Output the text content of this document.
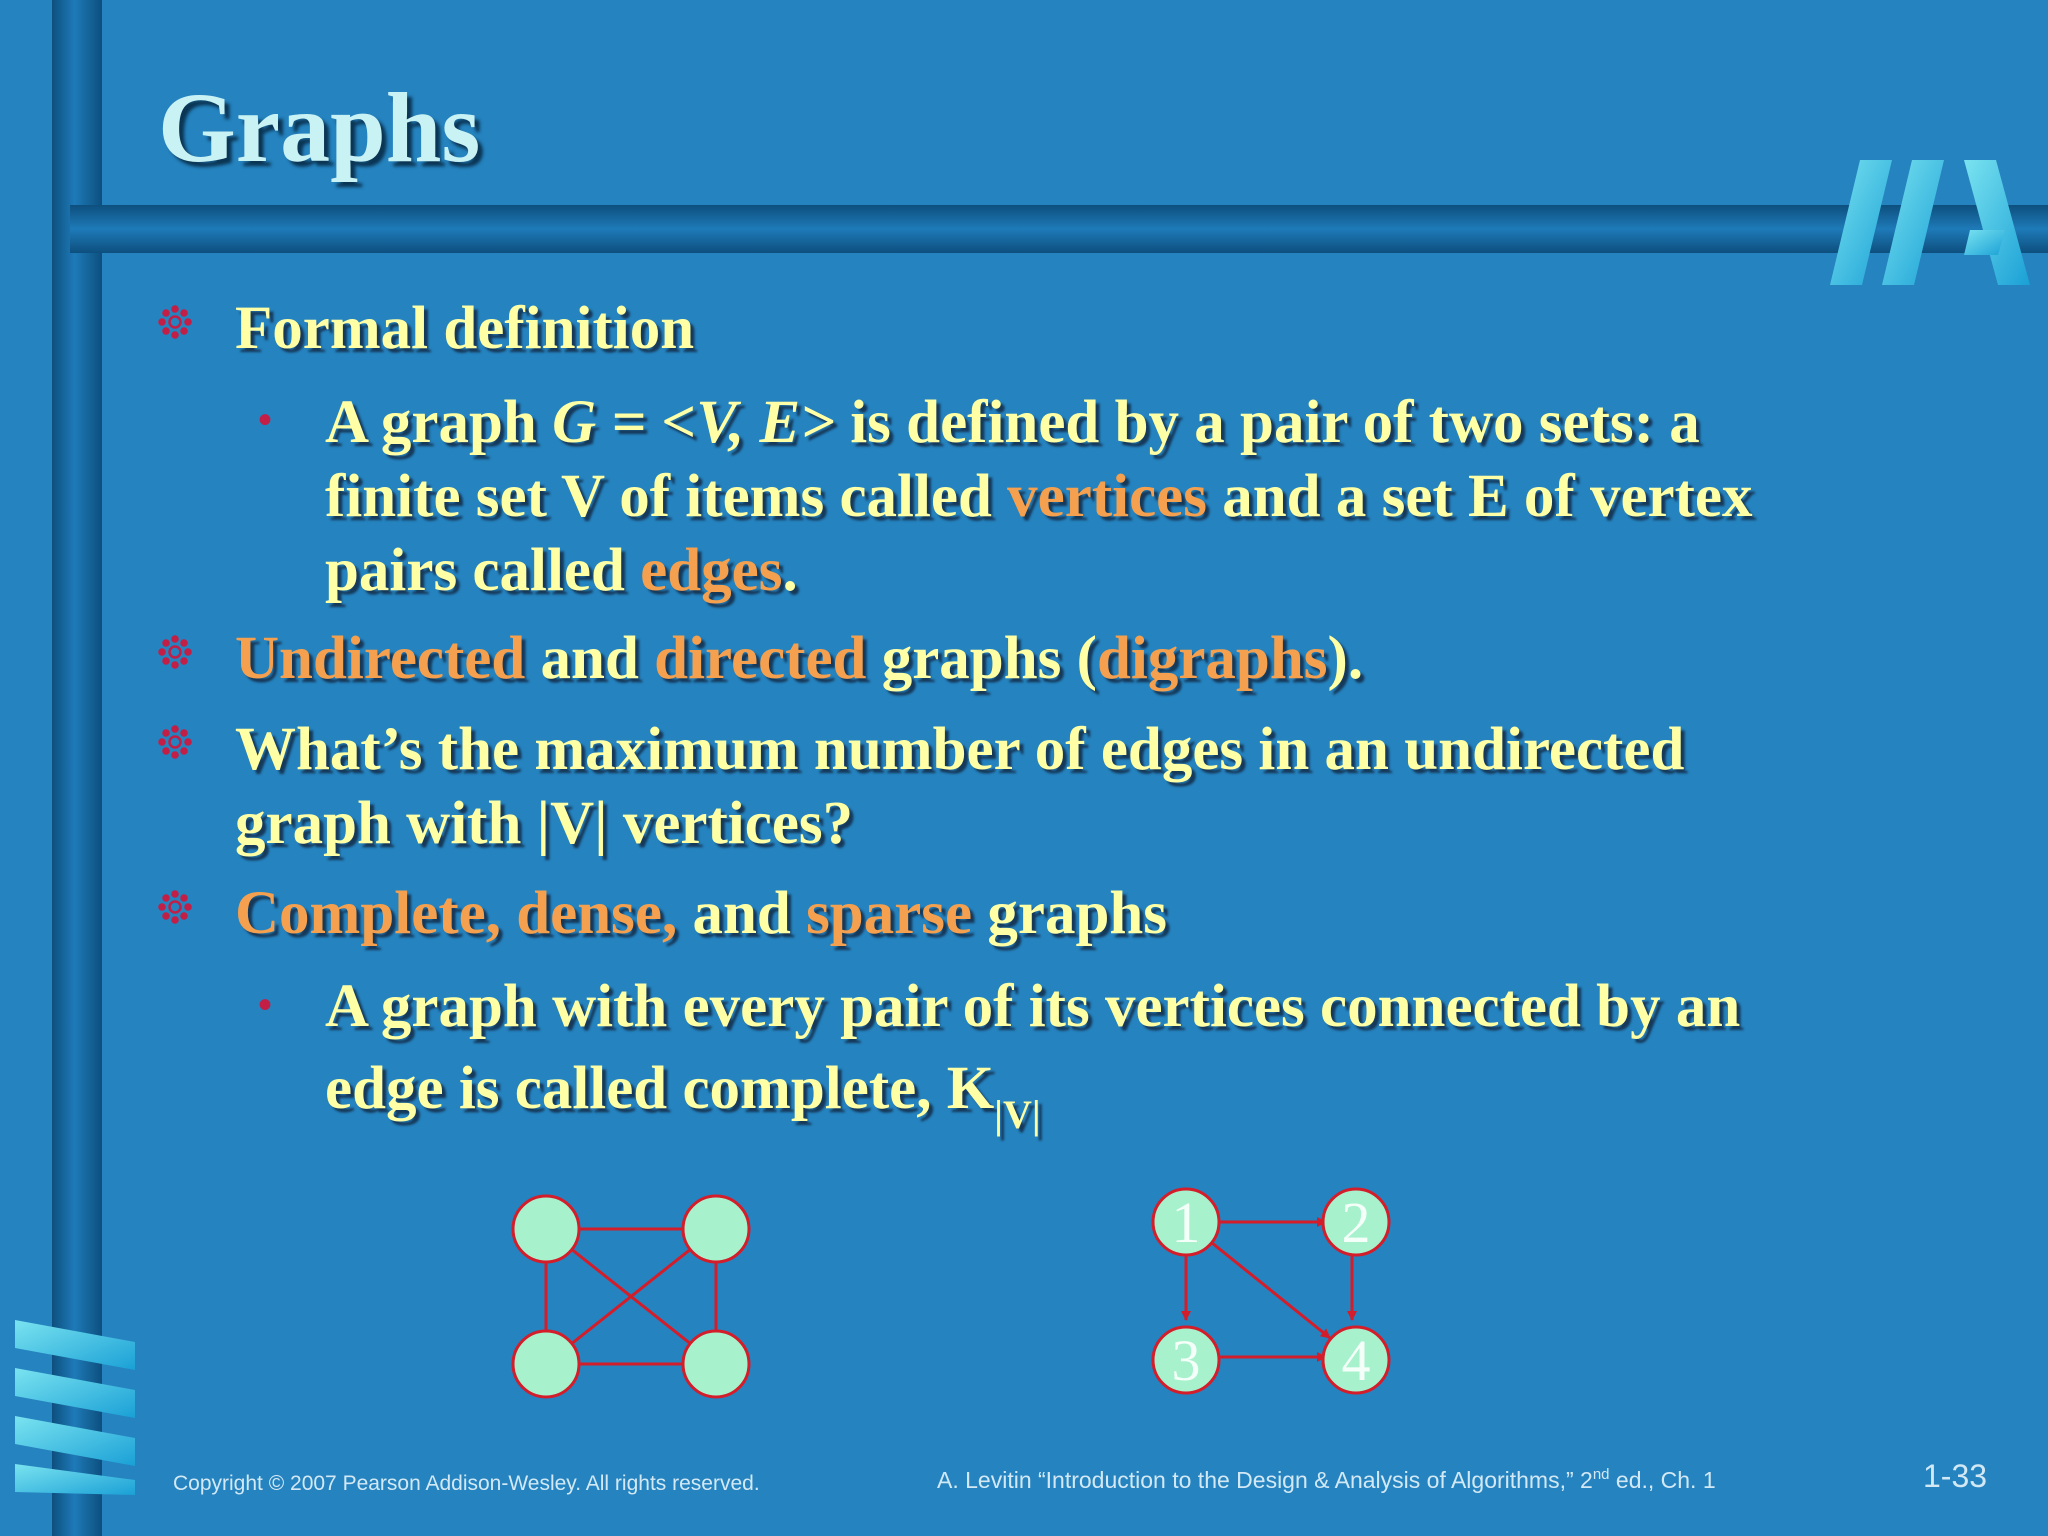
Graphs

•

•

Formal definition

A graph G = <V, E> is defined by a pair of two sets: a

finite set V of items called vertices and a set E of vertex

pairs called edges.

Undirected and directed graphs (digraphs).

What’s the maximum number of edges in an undirected

graph with |V| vertices?

Complete, dense, and sparse graphs

A graph with every pair of its vertices connected by an

edge is called complete, $K_{|V|}$

1 2
3 4

Copyright © 2007 Pearson Addison-Wesley. All rights reserved.	A. Levitin “Introduction to the Design & Analysis of Algorithms,” 2nd ed., Ch. 1	1-33
